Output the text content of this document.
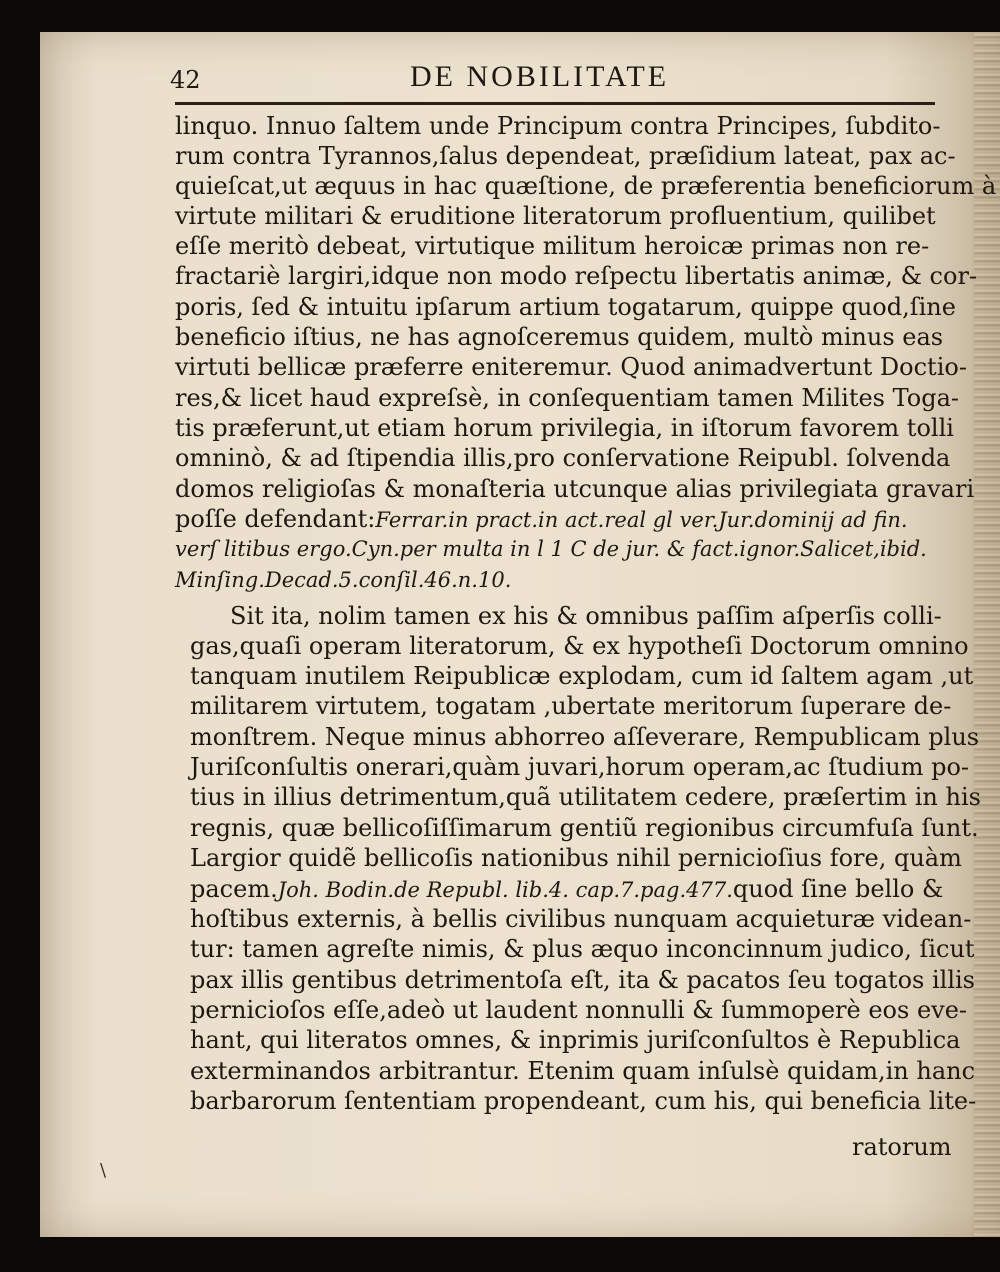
42	DE NOBILITATE
linquo. Innuo ſaltem unde Principum contra Principes, ſubdito-
rum contra Tyrannos,ſalus dependeat, præſidium lateat, pax ac-
quieſcat,ut æquus in hac quæſtione, de præferentia beneficiorum à
virtute militari & eruditione literatorum profluentium, quilibet
eſſe meritò debeat, virtutique militum heroicæ primas non re-
fractariè largiri,idque non modo reſpectu libertatis animæ, & cor-
poris, ſed & intuitu ipſarum artium togatarum, quippe quod,ſine
beneficio iſtius, ne has agnoſceremus quidem, multò minus eas
virtuti bellicæ præferre eniteremur. Quod animadvertunt Doctio-
res,& licet haud expreſsè, in conſequentiam tamen Milites Toga-
tis præferunt,ut etiam horum privilegia, in iſtorum favorem tolli
omninò, & ad ſtipendia illis,pro conſervatione Reipubl. ſolvenda
domos religioſas & monaſteria utcunque alias privilegiata gravari
poſſe defendant:Ferrar.in pract.in act.real gl ver.Jur.dominij ad fin.
verſ litibus ergo.Cyn.per multa in l 1 C de jur. & fact.ignor.Salicet,ibid.
Minſing.Decad.5.conſil.46.n.10.
Sit ita, nolim tamen ex his & omnibus paſſim aſperſis colli-
gas,quaſi operam literatorum, & ex hypotheſi Doctorum omnino
tanquam inutilem Reipublicæ explodam, cum id ſaltem agam ,ut
militarem virtutem, togatam ,ubertate meritorum ſuperare de-
monſtrem. Neque minus abhorreo aſſeverare, Rempublicam plus
Juriſconſultis onerari,quàm juvari,horum operam,ac ſtudium po-
tius in illius detrimentum,quã utilitatem cedere, præſertim in his
regnis, quæ bellicoſiſſimarum gentiũ regionibus circumfuſa ſunt.
Largior quidẽ bellicoſis nationibus nihil pernicioſius fore, quàm
pacem.Joh. Bodin.de Republ. lib.4. cap.7.pag.477.quod ſine bello &
hoſtibus externis, à bellis civilibus nunquam acquieturæ videan-
tur: tamen agreſte nimis, & plus æquo inconcinnum judico, ſicut
pax illis gentibus detrimentoſa eſt, ita & pacatos ſeu togatos illis
pernicioſos eſſe,adeò ut laudent nonnulli & ſummoperè eos eve-
hant, qui literatos omnes, & inprimis juriſconſultos è Republica
exterminandos arbitrantur. Etenim quam inſulsè quidam,in hanc
barbarorum ſententiam propendeant, cum his, qui beneficia lite-
ratorum
\
